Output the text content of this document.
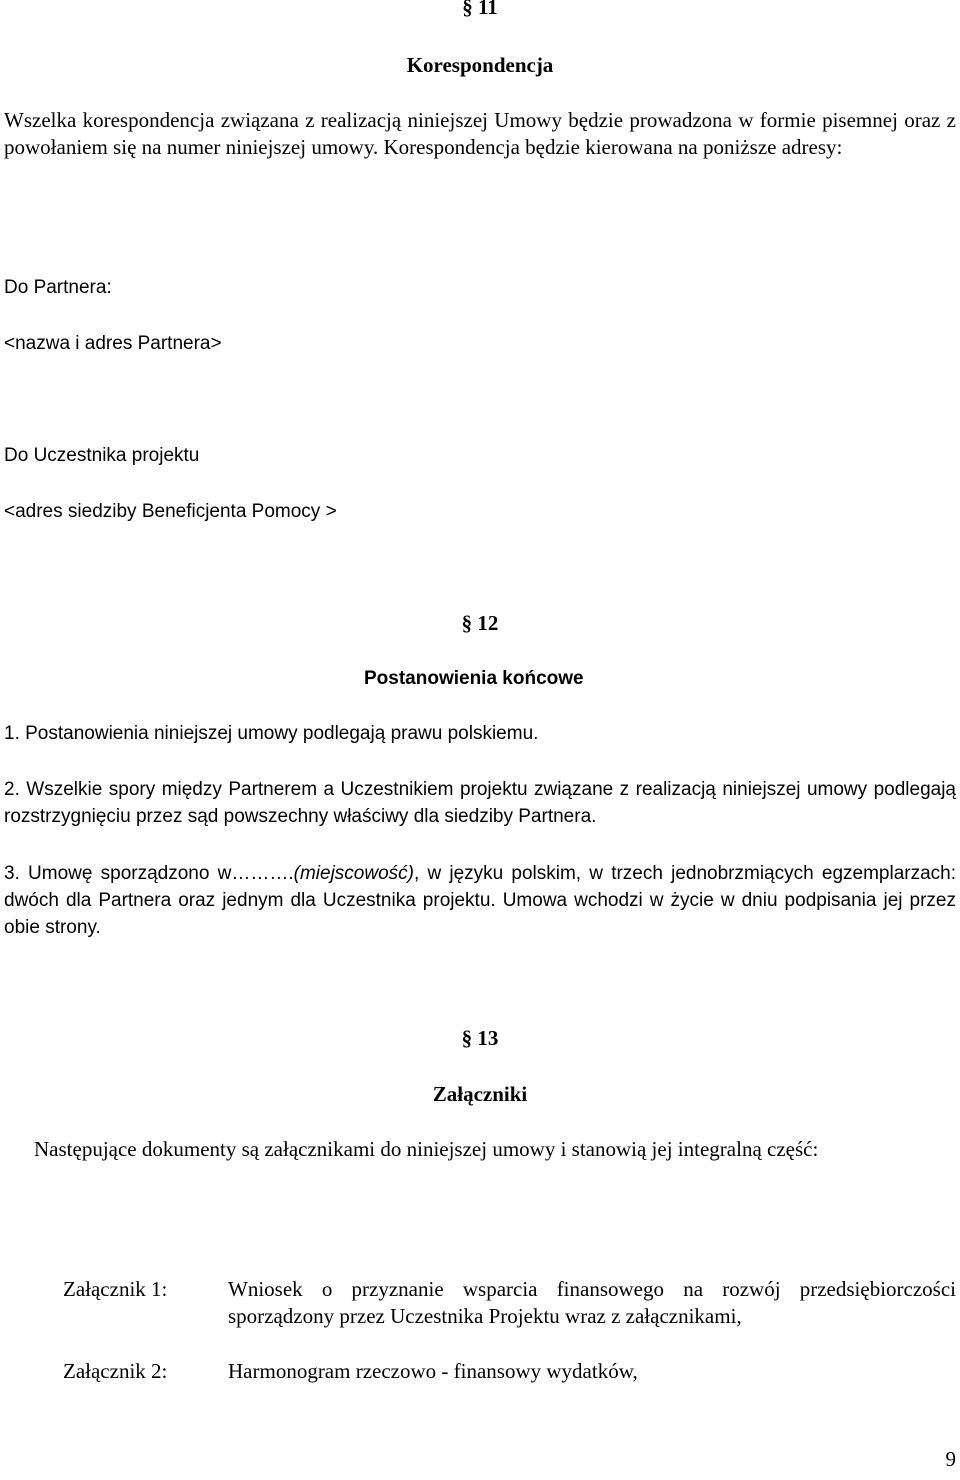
§ 11
Korespondencja
Wszelka korespondencja związana z realizacją niniejszej Umowy będzie prowadzona w formie pisemnej oraz z powołaniem się na numer niniejszej umowy. Korespondencja będzie kierowana na poniższe adresy:
Do Partnera:
<nazwa i adres Partnera>
Do Uczestnika projektu
<adres siedziby Beneficjenta Pomocy >
§ 12
Postanowienia końcowe
1. Postanowienia niniejszej umowy podlegają prawu polskiemu.
2. Wszelkie spory między Partnerem a Uczestnikiem projektu związane z realizacją niniejszej umowy podlegają rozstrzygnięciu przez sąd powszechny właściwy dla siedziby Partnera.
3. Umowę sporządzono w……….(miejscowość), w języku polskim, w trzech jednobrzmiących egzemplarzach: dwóch dla Partnera oraz jednym dla Uczestnika projektu. Umowa wchodzi w życie w dniu podpisania jej przez obie strony.
§ 13
Załączniki
Następujące dokumenty są załącznikami do niniejszej umowy i stanowią jej integralną część:
Załącznik 1:	Wniosek o przyznanie wsparcia finansowego na rozwój przedsiębiorczości sporządzony przez Uczestnika Projektu wraz z załącznikami,
Załącznik 2:	Harmonogram rzeczowo - finansowy wydatków,
9
